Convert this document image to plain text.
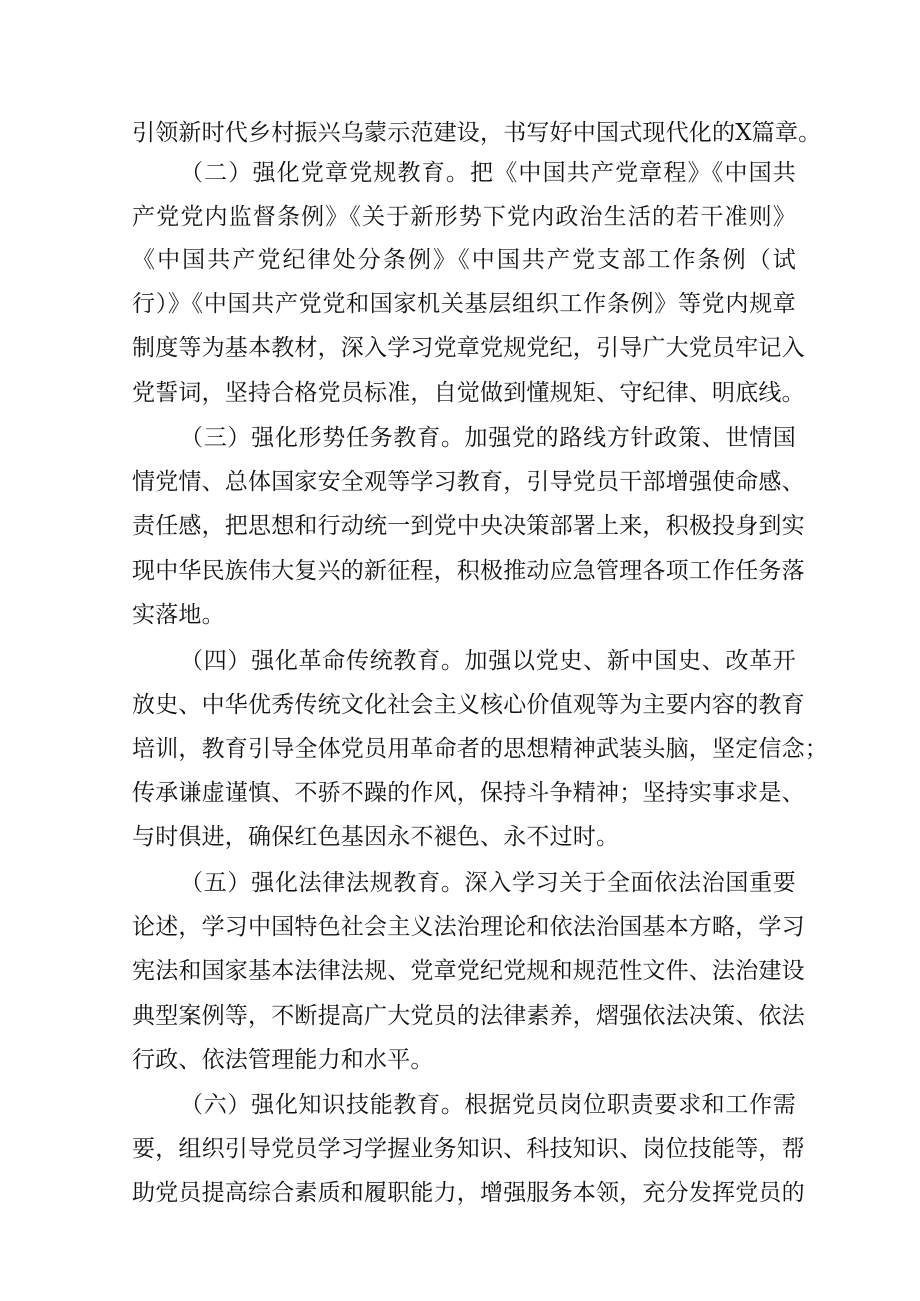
引领新时代乡村振兴乌蒙示范建设，书写好中国式现代化的X篇章。
（二）强化党章党规教育。把《中国共产党章程》《中国共
产党党内监督条例》《关于新形势下党内政治生活的若干准则》
《中国共产党纪律处分条例》《中国共产党支部工作条例（试
行）》《中国共产党党和国家机关基层组织工作条例》等党内规章
制度等为基本教材，深入学习党章党规党纪，引导广大党员牢记入
党誓词，坚持合格党员标准，自觉做到懂规矩、守纪律、明底线。
（三）强化形势任务教育。加强党的路线方针政策、世情国
情党情、总体国家安全观等学习教育，引导党员干部增强使命感、
责任感，把思想和行动统一到党中央决策部署上来，积极投身到实
现中华民族伟大复兴的新征程，积极推动应急管理各项工作任务落
实落地。
（四）强化革命传统教育。加强以党史、新中国史、改革开
放史、中华优秀传统文化社会主义核心价值观等为主要内容的教育
培训，教育引导全体党员用革命者的思想精神武装头脑，坚定信念；
传承谦虚谨慎、不骄不躁的作风，保持斗争精神；坚持实事求是、
与时俱进，确保红色基因永不褪色、永不过时。
（五）强化法律法规教育。深入学习关于全面依法治国重要
论述，学习中国特色社会主义法治理论和依法治国基本方略，学习
宪法和国家基本法律法规、党章党纪党规和规范性文件、法治建设
典型案例等，不断提高广大党员的法律素养，熠强依法决策、依法
行政、依法管理能力和水平。
（六）强化知识技能教育。根据党员岗位职责要求和工作需
要，组织引导党员学习学握业务知识、科技知识、岗位技能等，帮
助党员提高综合素质和履职能力，增强服务本领，充分发挥党员的
